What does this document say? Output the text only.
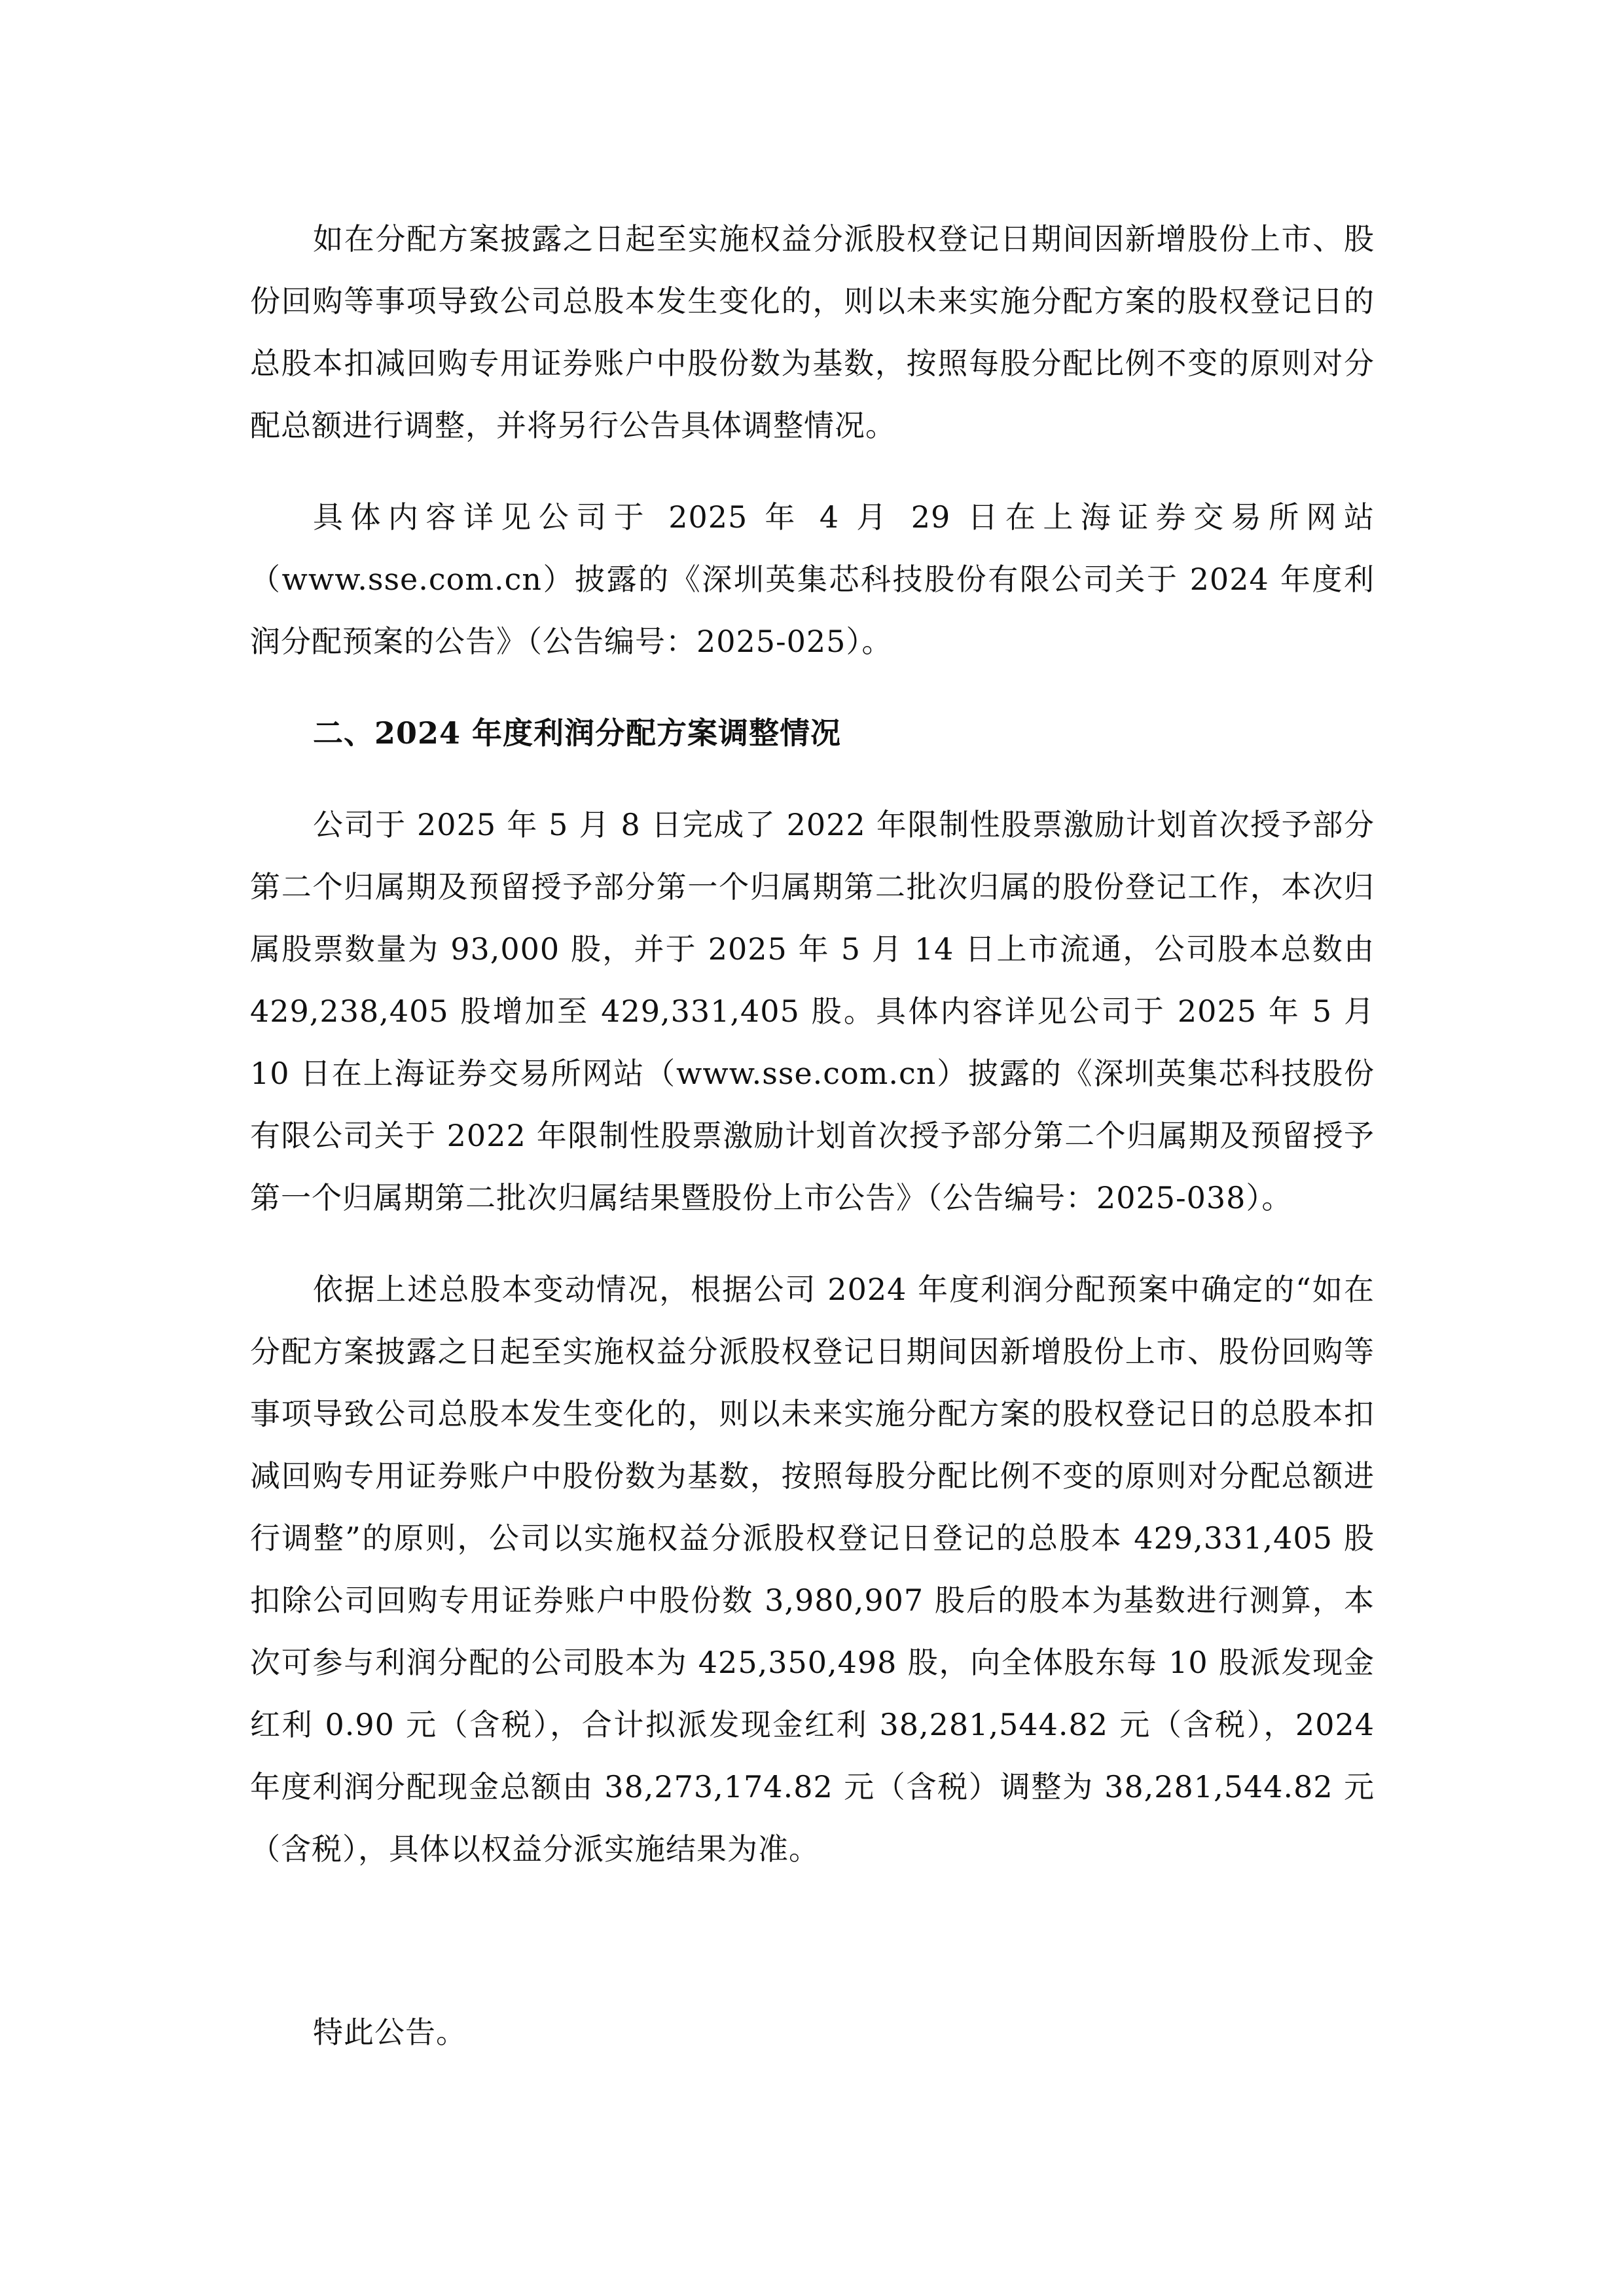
如在分配方案披露之日起至实施权益分派股权登记日期间因新增股份上市、股份回购等事项导致公司总股本发生变化的，则以未来实施分配方案的股权登记日的总股本扣减回购专用证券账户中股份数为基数，按照每股分配比例不变的原则对分配总额进行调整，并将另行公告具体调整情况。

具体内容详见公司于 2025 年 4 月 29 日在上海证券交易所网站（www.sse.com.cn）披露的《深圳英集芯科技股份有限公司关于 2024 年度利润分配预案的公告》（公告编号：2025-025）。

二、2024 年度利润分配方案调整情况

公司于 2025 年 5 月 8 日完成了 2022 年限制性股票激励计划首次授予部分第二个归属期及预留授予部分第一个归属期第二批次归属的股份登记工作，本次归属股票数量为 93,000 股，并于 2025 年 5 月 14 日上市流通，公司股本总数由 429,238,405 股增加至 429,331,405 股。具体内容详见公司于 2025 年 5 月 10 日在上海证券交易所网站（www.sse.com.cn）披露的《深圳英集芯科技股份有限公司关于 2022 年限制性股票激励计划首次授予部分第二个归属期及预留授予第一个归属期第二批次归属结果暨股份上市公告》（公告编号：2025-038）。

依据上述总股本变动情况，根据公司 2024 年度利润分配预案中确定的“如在分配方案披露之日起至实施权益分派股权登记日期间因新增股份上市、股份回购等事项导致公司总股本发生变化的，则以未来实施分配方案的股权登记日的总股本扣减回购专用证券账户中股份数为基数，按照每股分配比例不变的原则对分配总额进行调整”的原则，公司以实施权益分派股权登记日登记的总股本 429,331,405 股扣除公司回购专用证券账户中股份数 3,980,907 股后的股本为基数进行测算，本次可参与利润分配的公司股本为 425,350,498 股，向全体股东每 10 股派发现金红利 0.90 元（含税），合计拟派发现金红利 38,281,544.82 元（含税），2024 年度利润分配现金总额由 38,273,174.82 元（含税）调整为 38,281,544.82 元（含税），具体以权益分派实施结果为准。

特此公告。
